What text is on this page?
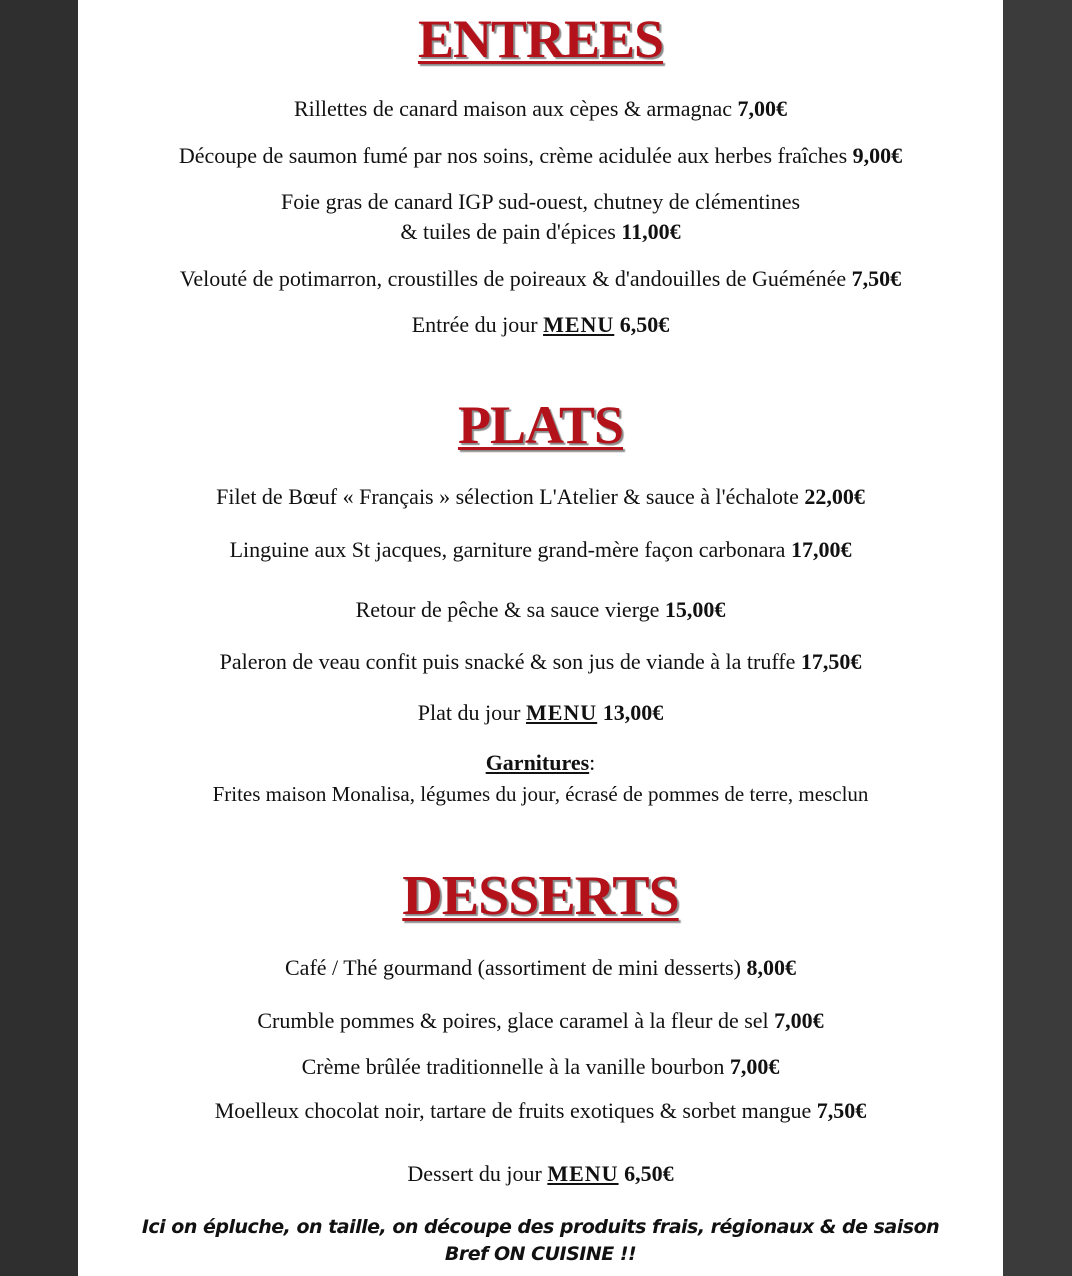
ENTREES
Rillettes de canard maison aux cèpes & armagnac 7,00€
Découpe de saumon fumé par nos soins, crème acidulée aux herbes fraîches 9,00€
Foie gras de canard IGP sud-ouest, chutney de clémentines
& tuiles de pain d'épices 11,00€
Velouté de potimarron, croustilles de poireaux & d'andouilles de Guéménée 7,50€
Entrée du jour MENU 6,50€
PLATS
Filet de Bœuf « Français » sélection L'Atelier & sauce à l'échalote 22,00€
Linguine aux St jacques, garniture grand-mère façon carbonara 17,00€
Retour de pêche & sa sauce vierge 15,00€
Paleron de veau confit puis snacké & son jus de viande à la truffe 17,50€
Plat du jour MENU 13,00€
Garnitures:
Frites maison Monalisa, légumes du jour, écrasé de pommes de terre, mesclun
DESSERTS
Café / Thé gourmand (assortiment de mini desserts) 8,00€
Crumble pommes & poires, glace caramel à la fleur de sel 7,00€
Crème brûlée traditionnelle à la vanille bourbon 7,00€
Moelleux chocolat noir, tartare de fruits exotiques & sorbet mangue 7,50€
Dessert du jour MENU 6,50€
Ici on épluche, on taille, on découpe des produits frais, régionaux & de saison
Bref ON CUISINE !!
